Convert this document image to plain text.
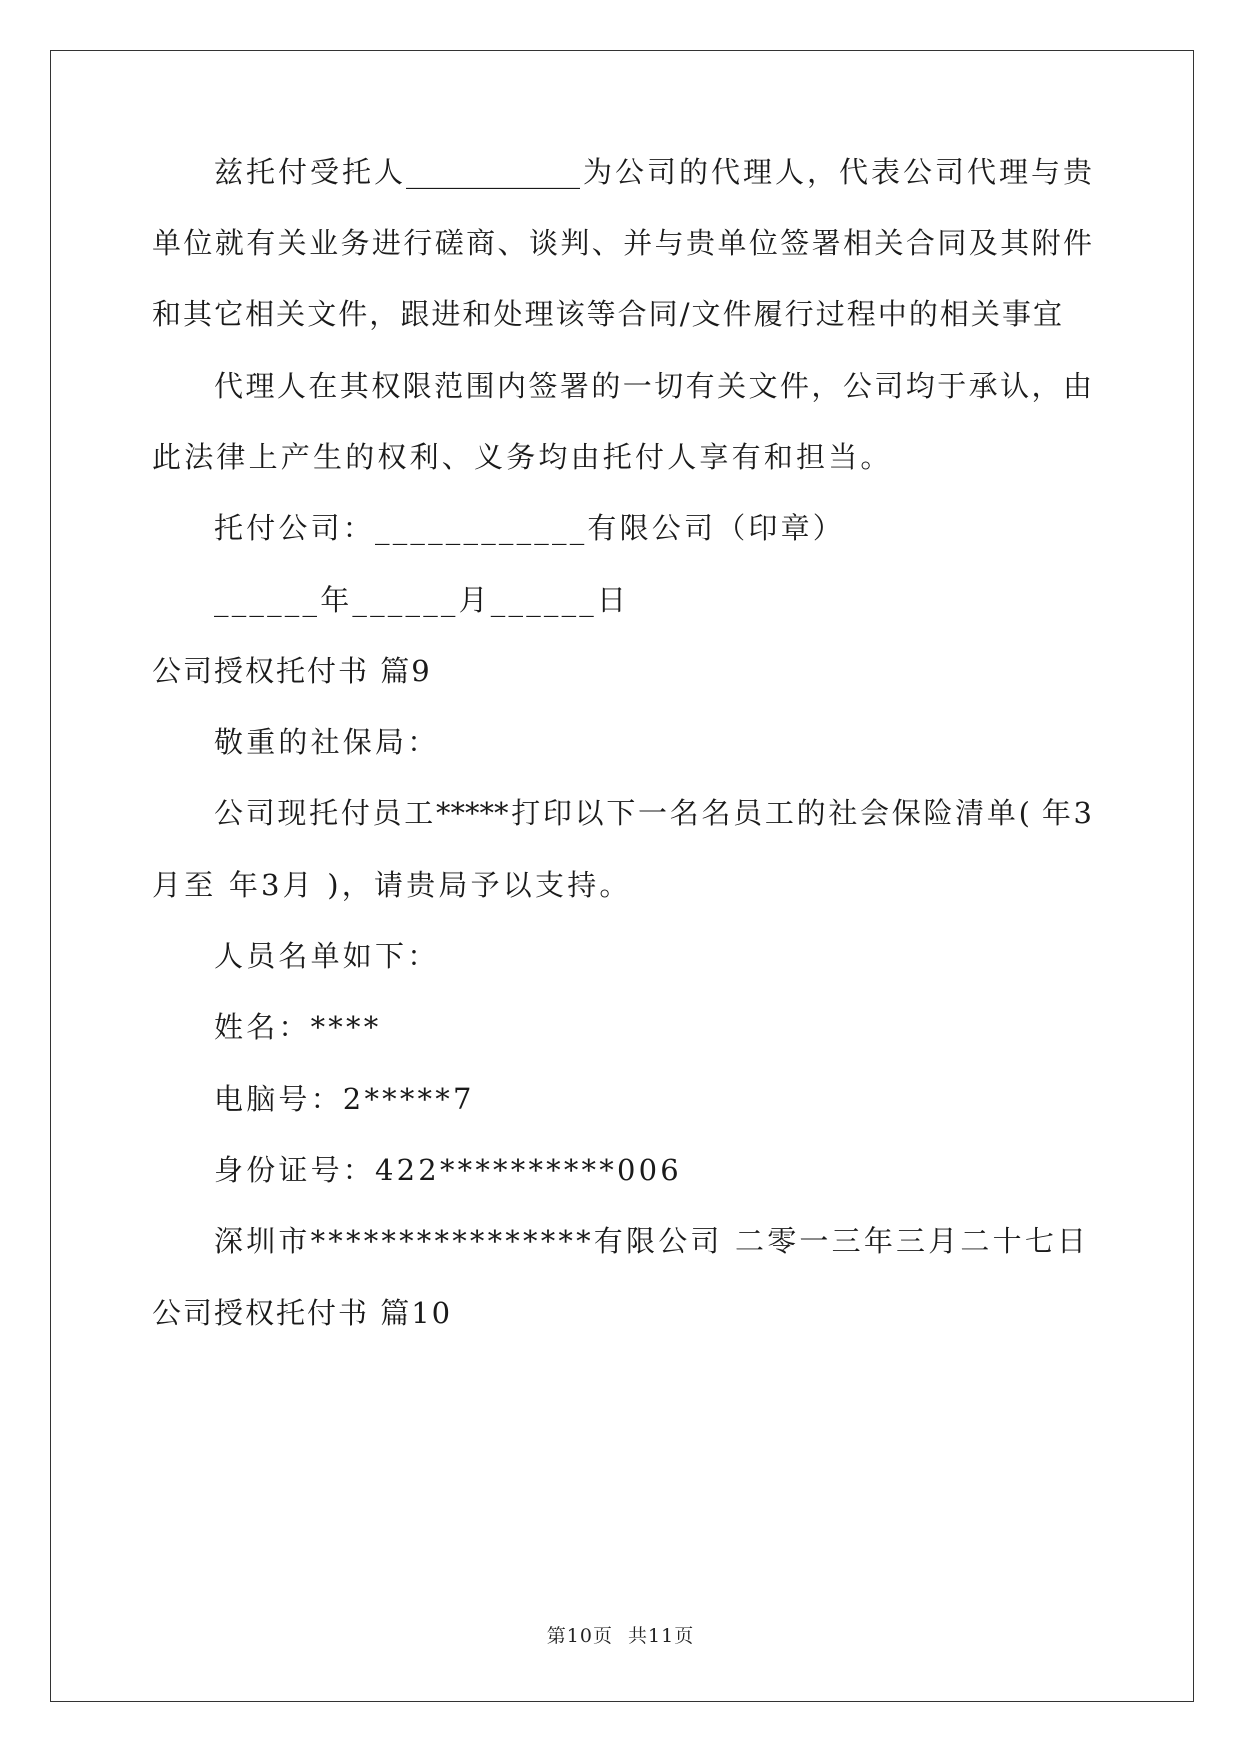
兹托付受托人____________为公司的代理人，代表公司代理与贵
单位就有关业务进行磋商、谈判、并与贵单位签署相关合同及其附件
和其它相关文件，跟进和处理该等合同/文件履行过程中的相关事宜
代理人在其权限范围内签署的一切有关文件，公司均于承认，由
此法律上产生的权利、义务均由托付人享有和担当。
托付公司：____________有限公司（印章）
______年______月______日
公司授权托付书 篇9
敬重的社保局：
公司现托付员工*****打印以下一名名员工的社会保险清单( 年3
月至 年3月 )，请贵局予以支持。
人员名单如下：
姓名：****
电脑号：2*****7
身份证号：422**********006
深圳市****************有限公司 二零一三年三月二十七日
公司授权托付书 篇10
第10页 共11页
